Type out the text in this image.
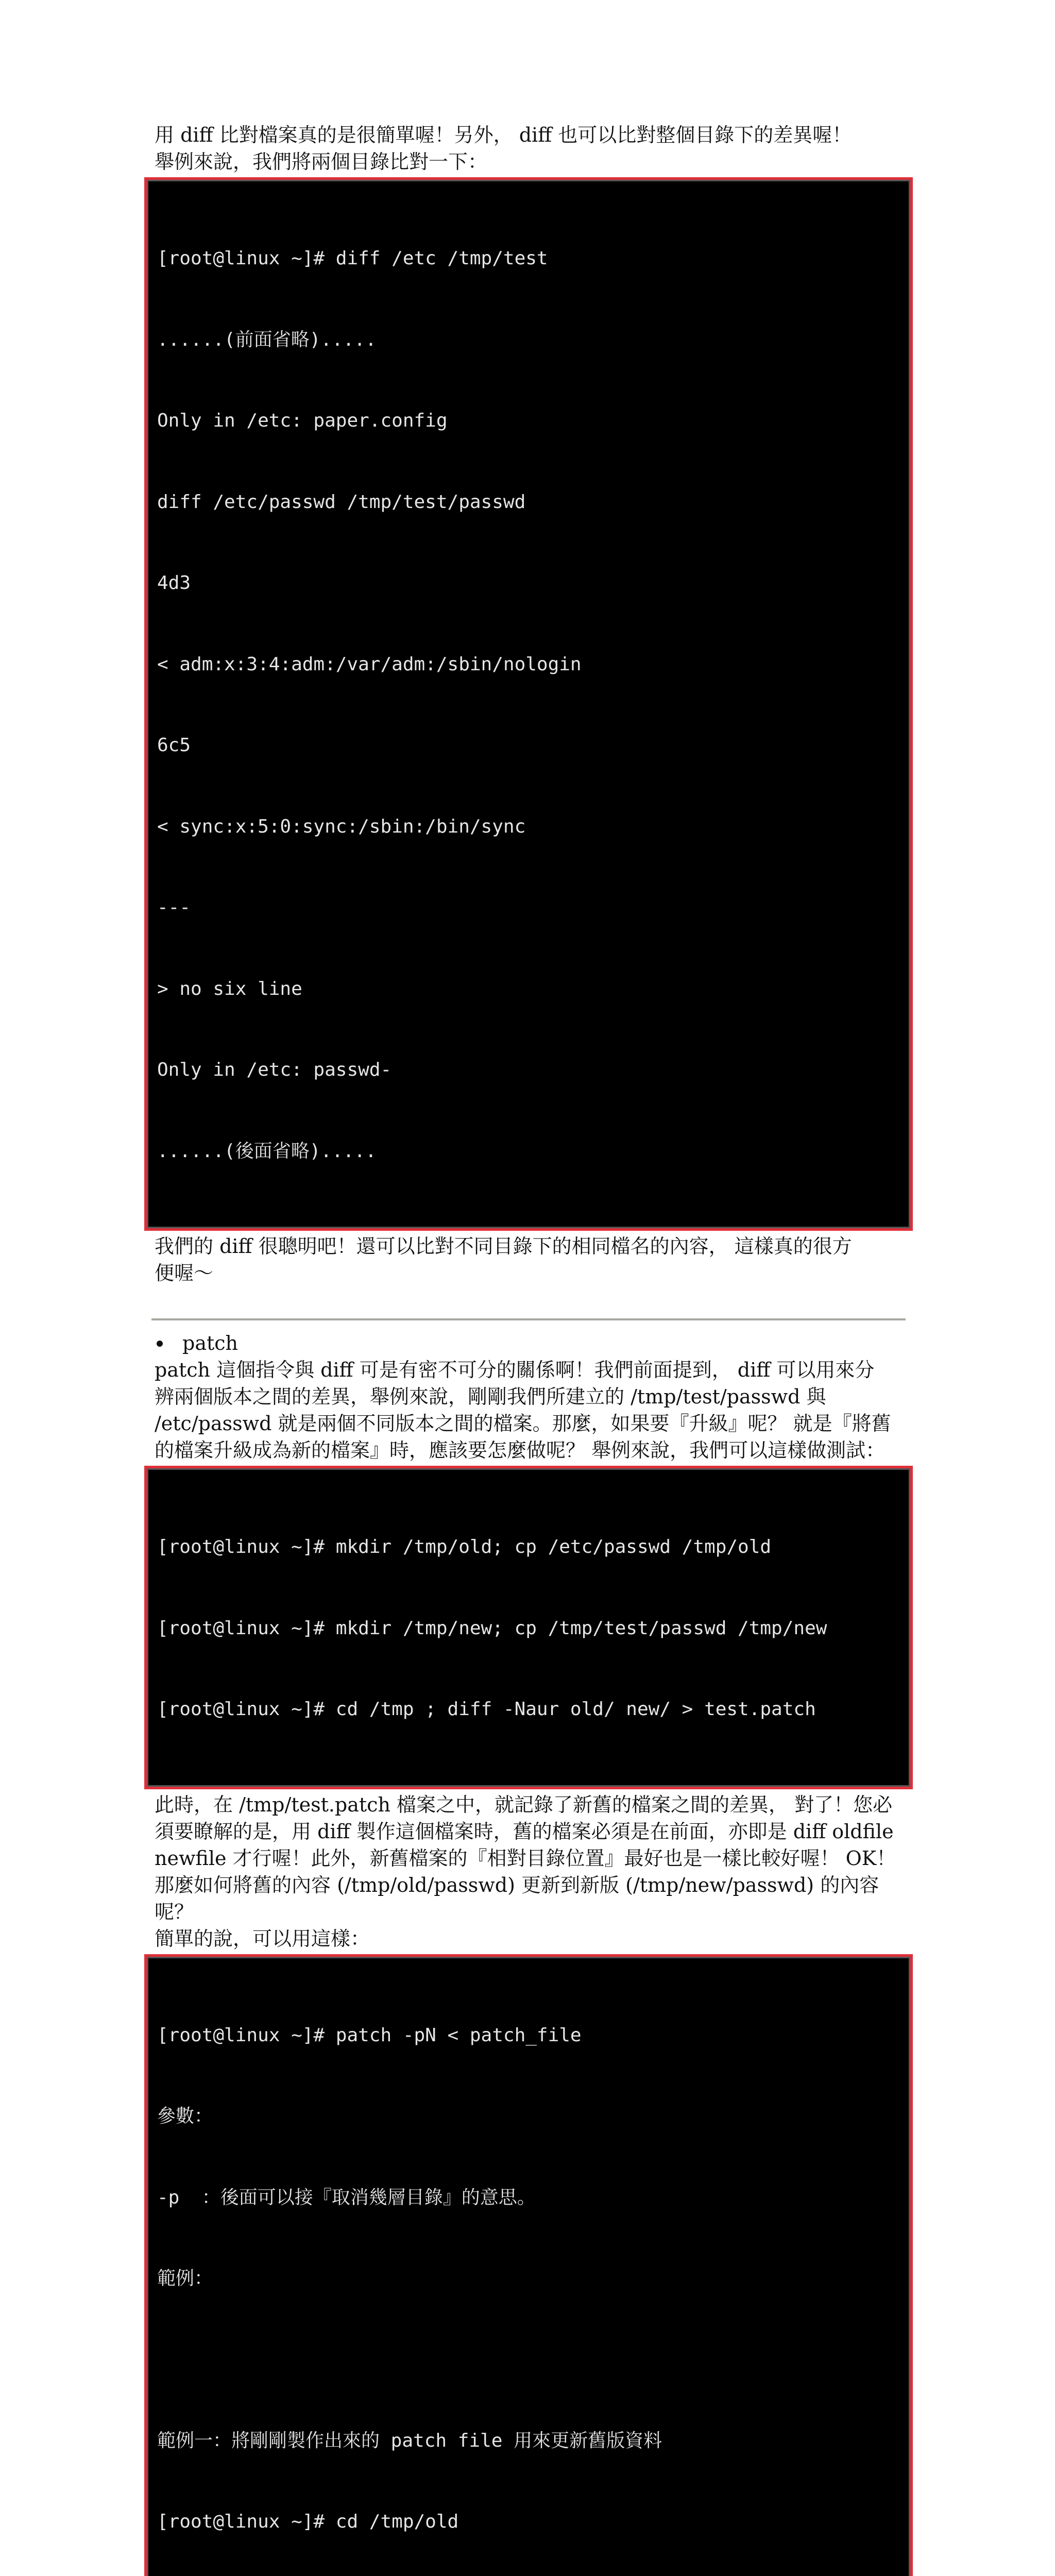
用 diff 比對檔案真的是很簡單喔！另外， diff 也可以比對整個目錄下的差異喔！
舉例來說，我們將兩個目錄比對一下：

[root@linux ~]# diff /etc /tmp/test

......(前面省略).....

Only in /etc: paper.config

diff /etc/passwd /tmp/test/passwd

4d3

< adm:x:3:4:adm:/var/adm:/sbin/nologin

6c5

< sync:x:5:0:sync:/sbin:/bin/sync

---

> no six line

Only in /etc: passwd-

......(後面省略).....

我們的 diff 很聰明吧！還可以比對不同目錄下的相同檔名的內容， 這樣真的很方
便喔～
patch
patch 這個指令與 diff 可是有密不可分的關係啊！我們前面提到， diff 可以用來分
辨兩個版本之間的差異，舉例來說，剛剛我們所建立的 /tmp/test/passwd 與
/etc/passwd 就是兩個不同版本之間的檔案。那麼，如果要『升級』呢？ 就是『將舊
的檔案升級成為新的檔案』時，應該要怎麼做呢？ 舉例來說，我們可以這樣做測試：

[root@linux ~]# mkdir /tmp/old; cp /etc/passwd /tmp/old

[root@linux ~]# mkdir /tmp/new; cp /tmp/test/passwd /tmp/new

[root@linux ~]# cd /tmp ; diff -Naur old/ new/ > test.patch

此時，在 /tmp/test.patch 檔案之中，就記錄了新舊的檔案之間的差異， 對了！您必
須要瞭解的是，用 diff 製作這個檔案時，舊的檔案必須是在前面，亦即是 diff oldfile
newfile 才行喔！此外，新舊檔案的『相對目錄位置』最好也是一樣比較好喔！ OK！
那麼如何將舊的內容 (/tmp/old/passwd) 更新到新版 (/tmp/new/passwd) 的內容呢？
簡單的說，可以用這樣：

[root@linux ~]# patch -pN < patch_file

參數：

-p  ：後面可以接『取消幾層目錄』的意思。

範例：

範例一：將剛剛製作出來的 patch file 用來更新舊版資料

[root@linux ~]# cd /tmp/old
